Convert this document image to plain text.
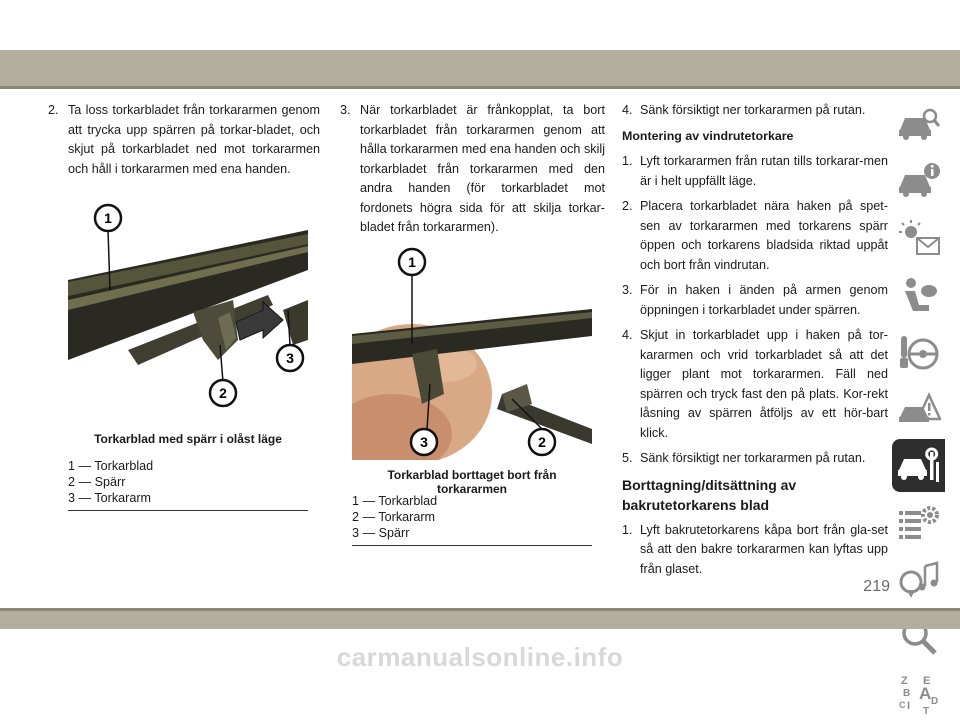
2. Ta loss torkarbladet från torkararmen genom att trycka upp spärren på torkar-bladet, och skjut på torkarbladet ned mot torkararmen och håll i torkararmen med ena handen.
1
2
3
Torkarblad med spärr i olåst läge
1 — Torkarblad
2 — Spärr
3 — Torkararm
3. När torkarbladet är frånkopplat, ta bort torkarbladet från torkararmen genom att hålla torkararmen med ena handen och skilj torkarbladet från torkararmen med den andra handen (för torkarbladet mot fordonets högra sida för att skilja torkar-bladet från torkararmen).
1
3	2
Torkarblad borttaget bort från torkararmen
1 — Torkarblad
2 — Torkararm
3 — Spärr
4. Sänk försiktigt ner torkararmen på rutan.
Montering av vindrutetorkare
1. Lyft torkararmen från rutan tills torkarar-men är i helt uppfällt läge.
2. Placera torkarbladet nära haken på spet-sen av torkararmen med torkarens spärr öppen och torkarens bladsida riktad uppåt och bort från vindrutan.
3. För in haken i änden på armen genom öppningen i torkarbladet under spärren.
4. Skjut in torkarbladet upp i haken på tor-kararmen och vrid torkarbladet så att det ligger plant mot torkararmen. Fäll ned spärren och tryck fast den på plats. Kor-rekt låsning av spärren åtföljs av ett hör-bart klick.
5. Sänk försiktigt ner torkararmen på rutan.
Borttagning/ditsättning av bakrutetorkarens blad
1. Lyft bakrutetorkarens kåpa bort från gla-set så att den bakre torkararmen kan lyftas upp från glaset.
Z E
B A
I
C	D
T
219
carmanualsonline.info
